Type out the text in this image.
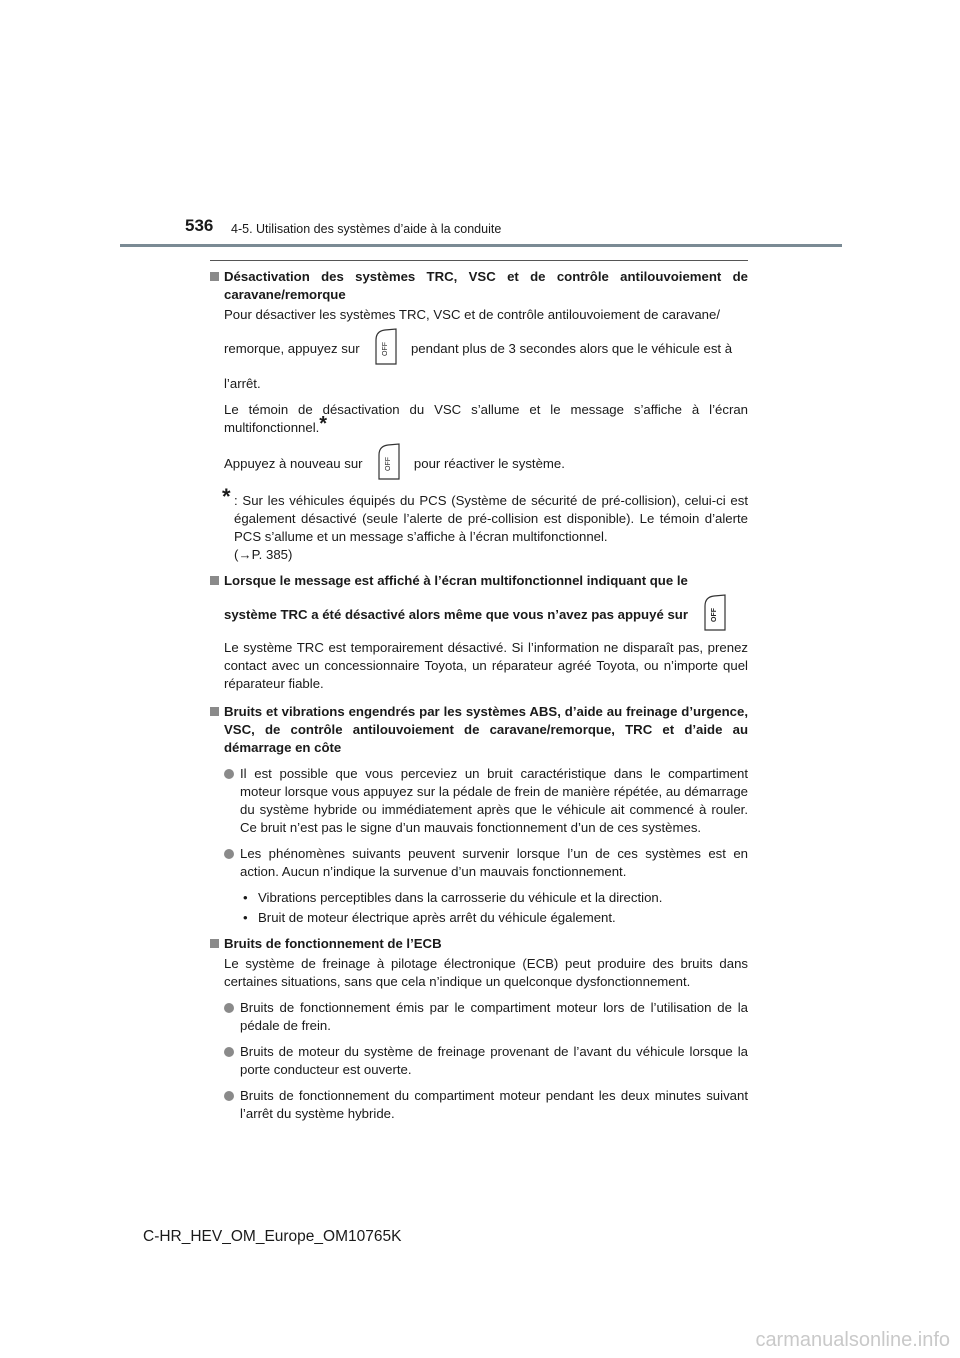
536 4-5. Utilisation des systèmes d’aide à la conduite
Désactivation des systèmes TRC, VSC et de contrôle antilouvoiement de caravane/remorque
Pour désactiver les systèmes TRC, VSC et de contrôle antilouvoiement de caravane/
remorque, appuyez sur	OFF pendant plus de 3 secondes alors que le véhicule est à
l’arrêt.
Le témoin de désactivation du VSC s’allume et le message s’affiche à l’écran multifonctionnel.*
Appuyez à nouveau sur	OFF pour réactiver le système.
* : Sur les véhicules équipés du PCS (Système de sécurité de pré-collision), celui-ci est également désactivé (seule l’alerte de pré-collision est disponible). Le témoin d’alerte PCS s’allume et un message s’affiche à l’écran multifonctionnel.
(→P. 385)
Lorsque le message est affiché à l’écran multifonctionnel indiquant que le
système TRC a été désactivé alors même que vous n’avez pas appuyé sur	OFF
Le système TRC est temporairement désactivé. Si l’information ne disparaît pas, prenez contact avec un concessionnaire Toyota, un réparateur agréé Toyota, ou n’importe quel réparateur fiable.
Bruits et vibrations engendrés par les systèmes ABS, d’aide au freinage d’urgence, VSC, de contrôle antilouvoiement de caravane/remorque, TRC et d’aide au démarrage en côte
Il est possible que vous perceviez un bruit caractéristique dans le compartiment moteur lorsque vous appuyez sur la pédale de frein de manière répétée, au démarrage du système hybride ou immédiatement après que le véhicule ait commencé à rouler. Ce bruit n’est pas le signe d’un mauvais fonctionnement d’un de ces systèmes.
Les phénomènes suivants peuvent survenir lorsque l’un de ces systèmes est en action. Aucun n’indique la survenue d’un mauvais fonctionnement.
• Vibrations perceptibles dans la carrosserie du véhicule et la direction.
• Bruit de moteur électrique après arrêt du véhicule également.
Bruits de fonctionnement de l’ECB
Le système de freinage à pilotage électronique (ECB) peut produire des bruits dans certaines situations, sans que cela n’indique un quelconque dysfonctionnement.
Bruits de fonctionnement émis par le compartiment moteur lors de l’utilisation de la pédale de frein.
Bruits de moteur du système de freinage provenant de l’avant du véhicule lorsque la porte conducteur est ouverte.
Bruits de fonctionnement du compartiment moteur pendant les deux minutes suivant l’arrêt du système hybride.
C-HR_HEV_OM_Europe_OM10765K
carmanualsonline.info
